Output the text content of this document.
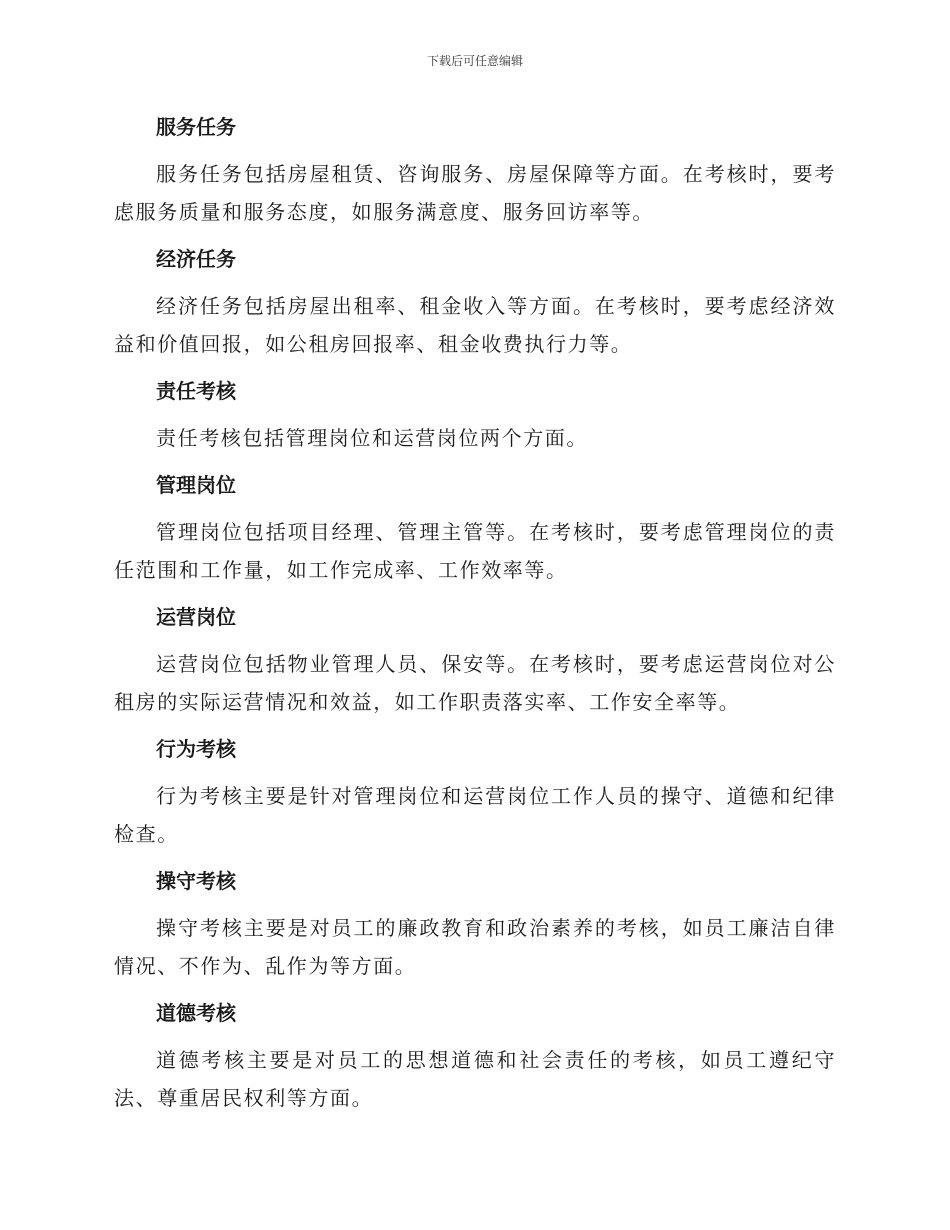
下载后可任意编辑
服务任务
服务任务包括房屋租赁、咨询服务、房屋保障等方面。在考核时，要考虑服务质量和服务态度，如服务满意度、服务回访率等。
经济任务
经济任务包括房屋出租率、租金收入等方面。在考核时，要考虑经济效益和价值回报，如公租房回报率、租金收费执行力等。
责任考核
责任考核包括管理岗位和运营岗位两个方面。
管理岗位
管理岗位包括项目经理、管理主管等。在考核时，要考虑管理岗位的责任范围和工作量，如工作完成率、工作效率等。
运营岗位
运营岗位包括物业管理人员、保安等。在考核时，要考虑运营岗位对公租房的实际运营情况和效益，如工作职责落实率、工作安全率等。
行为考核
行为考核主要是针对管理岗位和运营岗位工作人员的操守、道德和纪律检查。
操守考核
操守考核主要是对员工的廉政教育和政治素养的考核，如员工廉洁自律情况、不作为、乱作为等方面。
道德考核
道德考核主要是对员工的思想道德和社会责任的考核，如员工遵纪守法、尊重居民权利等方面。
